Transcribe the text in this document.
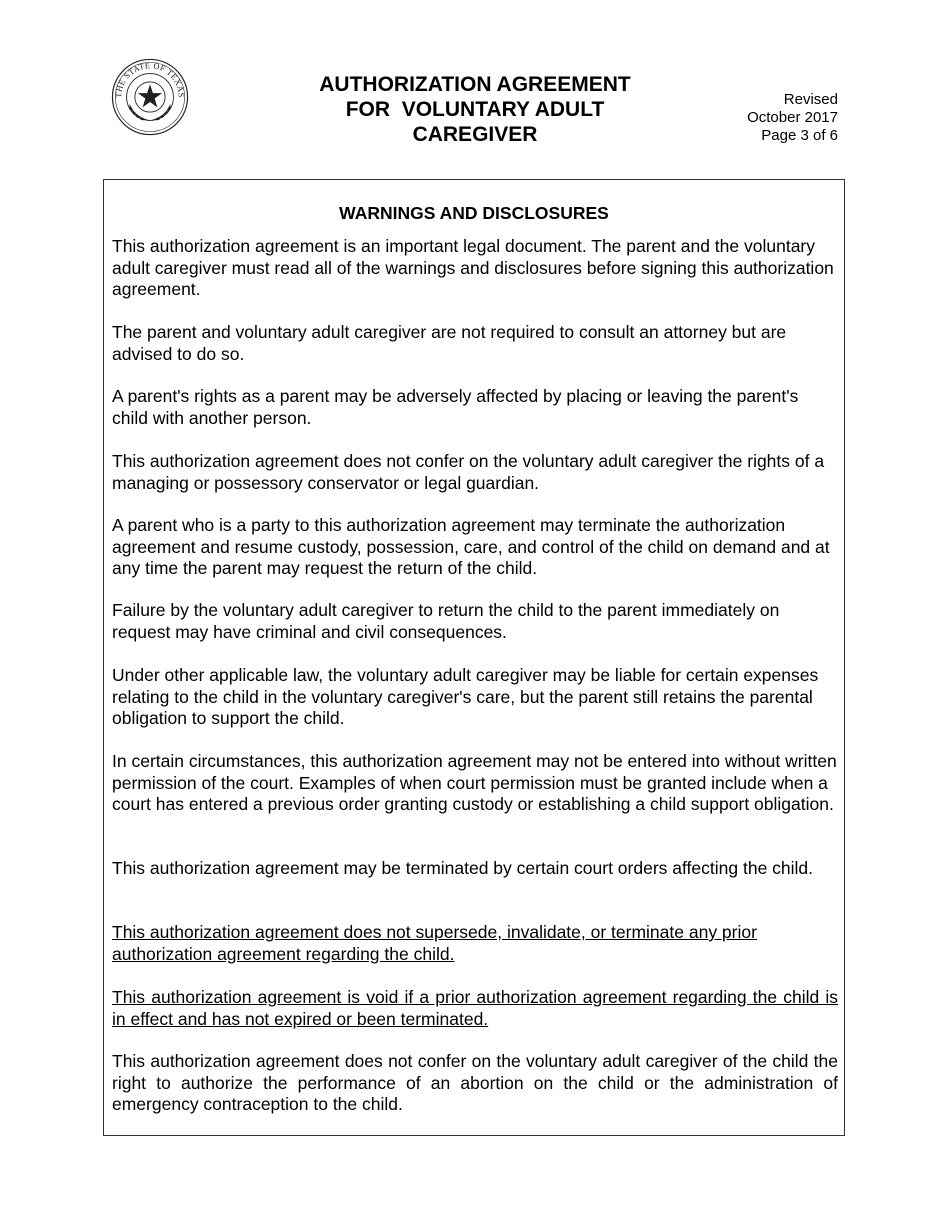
THE STATE OF TEXAS	AUTHORIZATION AGREEMENT
FOR  VOLUNTARY ADULT
CAREGIVER
Revised
October 2017
Page 3 of 6
WARNINGS AND DISCLOSURES

This authorization agreement is an important legal document. The parent and the voluntary adult caregiver must read all of the warnings and disclosures before signing this authorization agreement.

The parent and voluntary adult caregiver are not required to consult an attorney but are advised to do so.

A parent's rights as a parent may be adversely affected by placing or leaving the parent's child with another person.

This authorization agreement does not confer on the voluntary adult caregiver the rights of a managing or possessory conservator or legal guardian.

A parent who is a party to this authorization agreement may terminate the authorization agreement and resume custody, possession, care, and control of the child on demand and at any time the parent may request the return of the child.

Failure by the voluntary adult caregiver to return the child to the parent immediately on request may have criminal and civil consequences.

Under other applicable law, the voluntary adult caregiver may be liable for certain expenses relating to the child in the voluntary caregiver's care, but the parent still retains the parental obligation to support the child.

In certain circumstances, this authorization agreement may not be entered into without written permission of the court. Examples of when court permission must be granted include when a court has entered a previous order granting custody or establishing a child support obligation.

This authorization agreement may be terminated by certain court orders affecting the child.

This authorization agreement does not supersede, invalidate, or terminate any prior authorization agreement regarding the child.

This authorization agreement is void if a prior authorization agreement regarding the child is in effect and has not expired or been terminated.

This authorization agreement does not confer on the voluntary adult caregiver of the child the right to authorize the performance of an abortion on the child or the administration of emergency contraception to the child.
